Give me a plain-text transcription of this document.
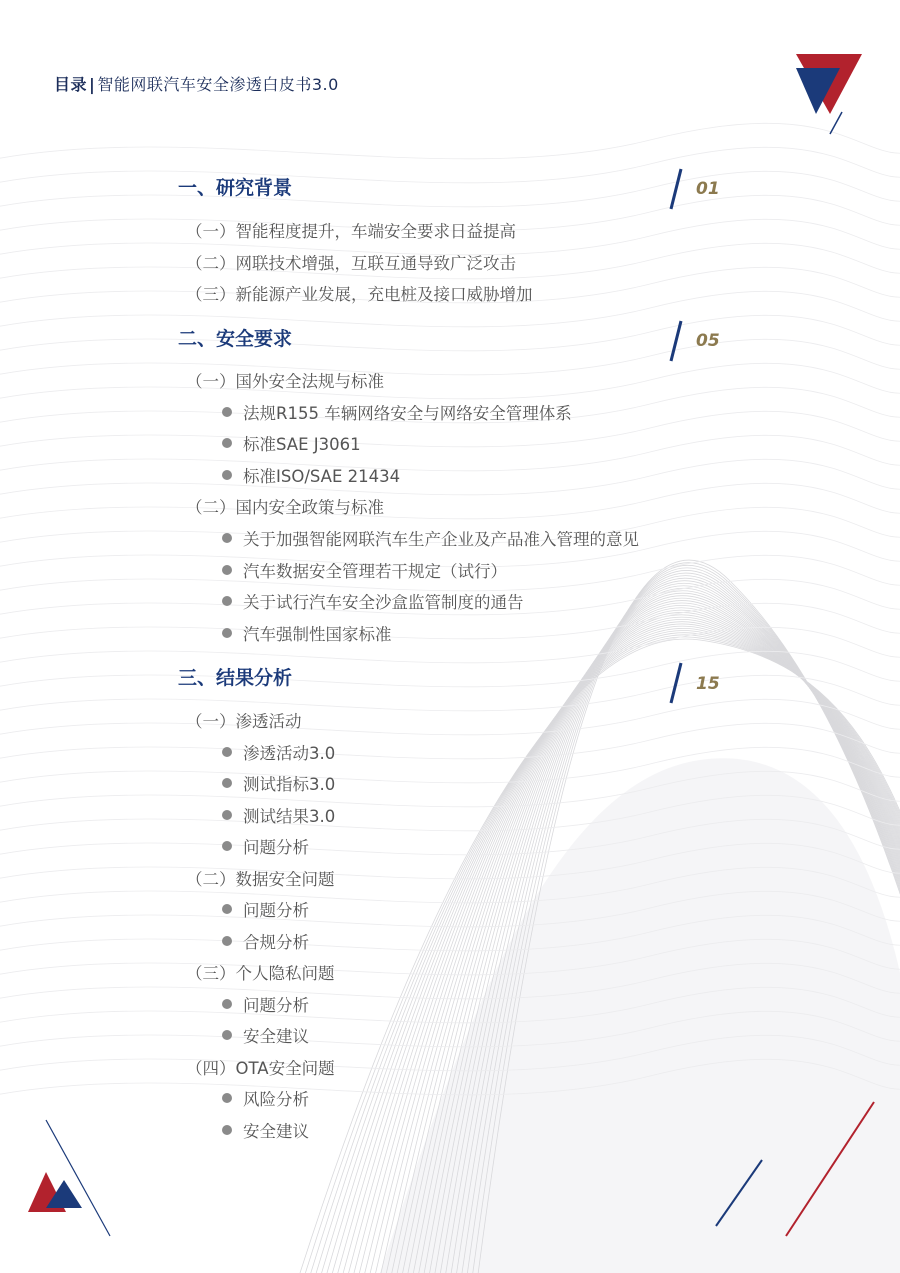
目录 | 智能网联汽车安全渗透白皮书3.0
一、研究背景	01
（一）智能程度提升，车端安全要求日益提高
（二）网联技术增强，互联互通导致广泛攻击
（三）新能源产业发展，充电桩及接口威胁增加
二、安全要求	05
（一）国外安全法规与标准
法规R155 车辆网络安全与网络安全管理体系
标准SAE J3061
标准ISO/SAE 21434
（二）国内安全政策与标准
关于加强智能网联汽车生产企业及产品准入管理的意见
汽车数据安全管理若干规定（试行）
关于试行汽车安全沙盒监管制度的通告
汽车强制性国家标准
三、结果分析	15
（一）渗透活动
渗透活动3.0
测试指标3.0
测试结果3.0
问题分析
（二）数据安全问题
问题分析
合规分析
（三）个人隐私问题
问题分析
安全建议
（四）OTA安全问题
风险分析
安全建议
